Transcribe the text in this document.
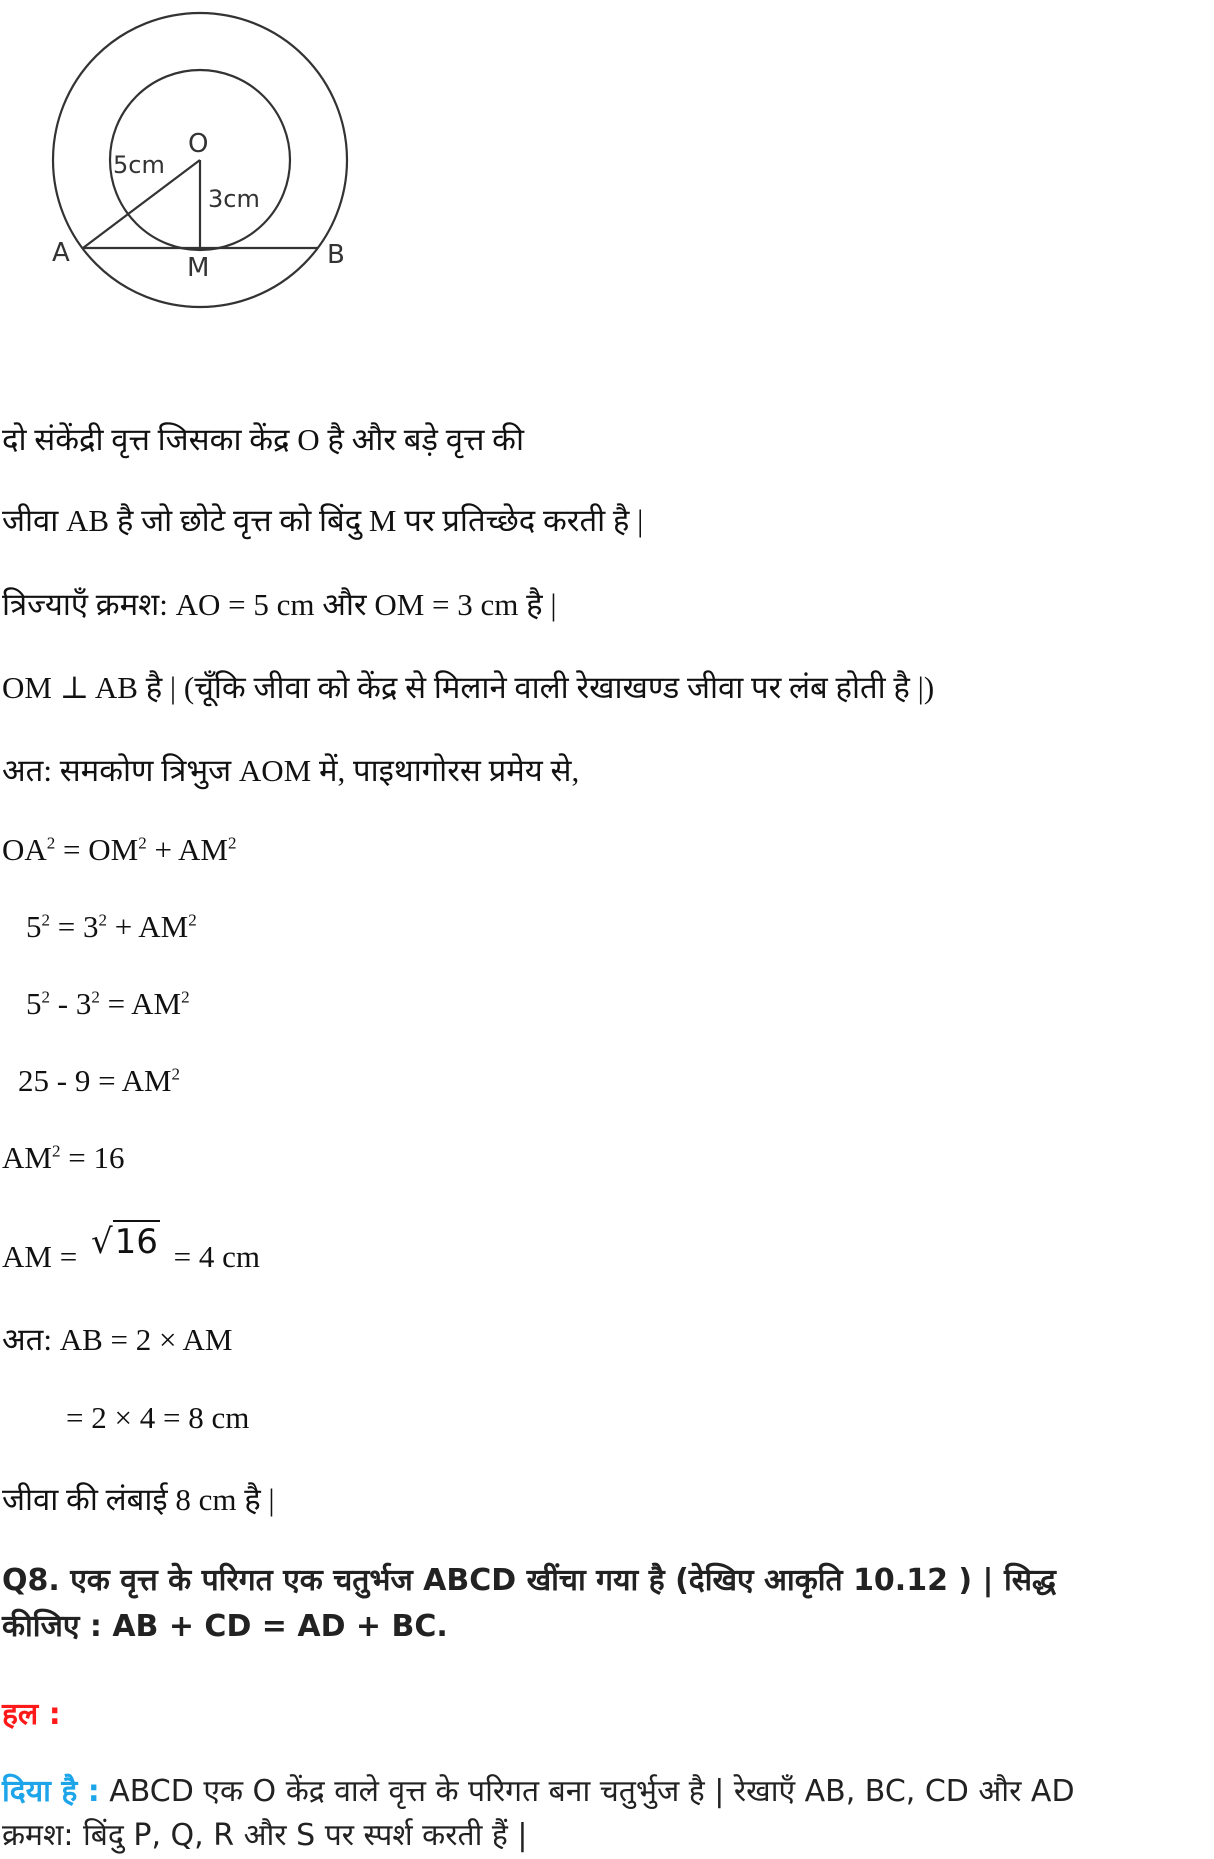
O
5cm
3cm
A	M	B
दो संकेंद्री वृत्त जिसका केंद्र O है और बड़े वृत्त की
जीवा AB है जो छोटे वृत्त को बिंदु M पर प्रतिच्छेद करती है |
त्रिज्याएँ क्रमश: AO = 5 cm और OM = 3 cm है |
OM ⊥ AB है | (चूँकि जीवा को केंद्र से मिलाने वाली रेखाखण्ड जीवा पर लंब होती है |)
अत: समकोण त्रिभुज AOM में, पाइथागोरस प्रमेय से,
$OA^2 = OM^2 + AM^2$
$5^2 = 3^2 + AM^2$
$5^2 - 3^2 = AM^2$
$25 - 9 = AM^2$
$AM^2 = 16$
AM = √16 = 4 cm
अत: AB = 2 × AM
= 2 × 4 = 8 cm
जीवा की लंबाई 8 cm है |
Q8. एक वृत्त के परिगत एक चतुर्भज ABCD खींचा गया है (देखिए आकृति 10.12 ) | सिद्ध
कीजिए : AB + CD = AD + BC.
हल :
दिया है : ABCD एक O केंद्र वाले वृत्त के परिगत बना चतुर्भुज है | रेखाएँ AB, BC, CD और AD
क्रमश: बिंदु P, Q, R और S पर स्पर्श करती हैं |
